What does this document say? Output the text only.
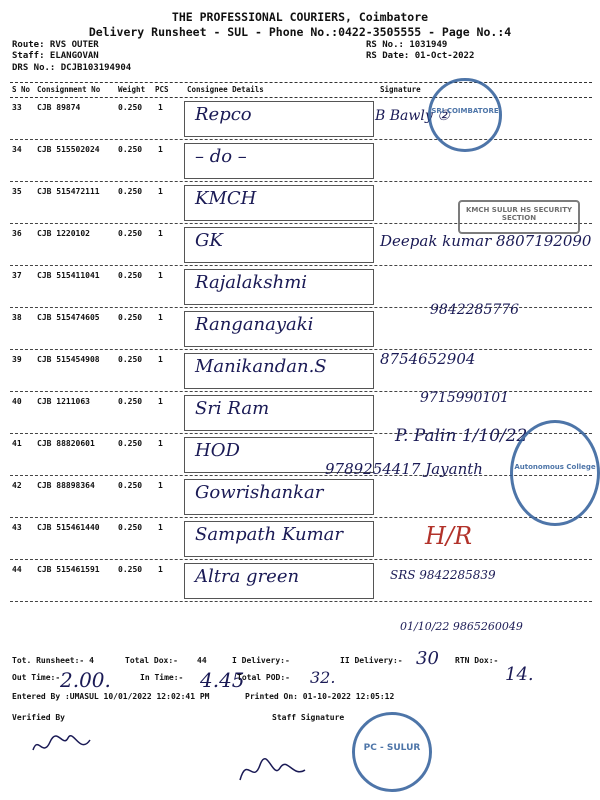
THE PROFESSIONAL COURIERS, Coimbatore
Delivery Runsheet - SUL - Phone No.:0422-3505555 - Page No.:4
Route: RVS OUTER
Staff: ELANGOVAN
DRS No.: DCJB103194904
RS No.: 1031949
RS Date: 01-Oct-2022
S No Consignment No Weight PCS Consignee Details	Signature
33 CJB 89874	0.250 1 Repco
34 CJB 515502024 0.250 1 – do –
35 CJB 515472111 0.250 1 KMCH
36 CJB 1220102	0.250 1 GK
37 CJB 515411041 0.250 1 Rajalakshmi
38 CJB 515474605 0.250 1 Ranganayaki
39 CJB 515454908 0.250 1 Manikandan.S
40 CJB 1211063	0.250 1 Sri Ram
41 CJB 88820601	0.250 1 HOD
42 CJB 88898364	0.250 1 Gowrishankar
43 CJB 515461440 0.250 1 Sampath Kumar
44 CJB 515461591 0.250 1 Altra green
B Bawly ②
Deepak kumar 8807192090
9842285776
8754652904
9715990101
P. Palin 1/10/22
9789254417 Jayanth
H/R
SRS 9842285839
01/10/22 9865260049
SRI COIMBATORE
KMCH SULUR HS SECURITY SECTION
Autonomous College
PC - SULUR
Tot. Runsheet:- 4	Total Dox:- 44	I Delivery:-	II Delivery:- 30 RTN Dox:-
14.
Out Time:- 2.00.	In Time:- 4.45
Total POD:- 32.
Entered By :UMASUL 10/01/2022 12:02:41 PM	Printed On: 01-10-2022 12:05:12
Verified By	Staff Signature
